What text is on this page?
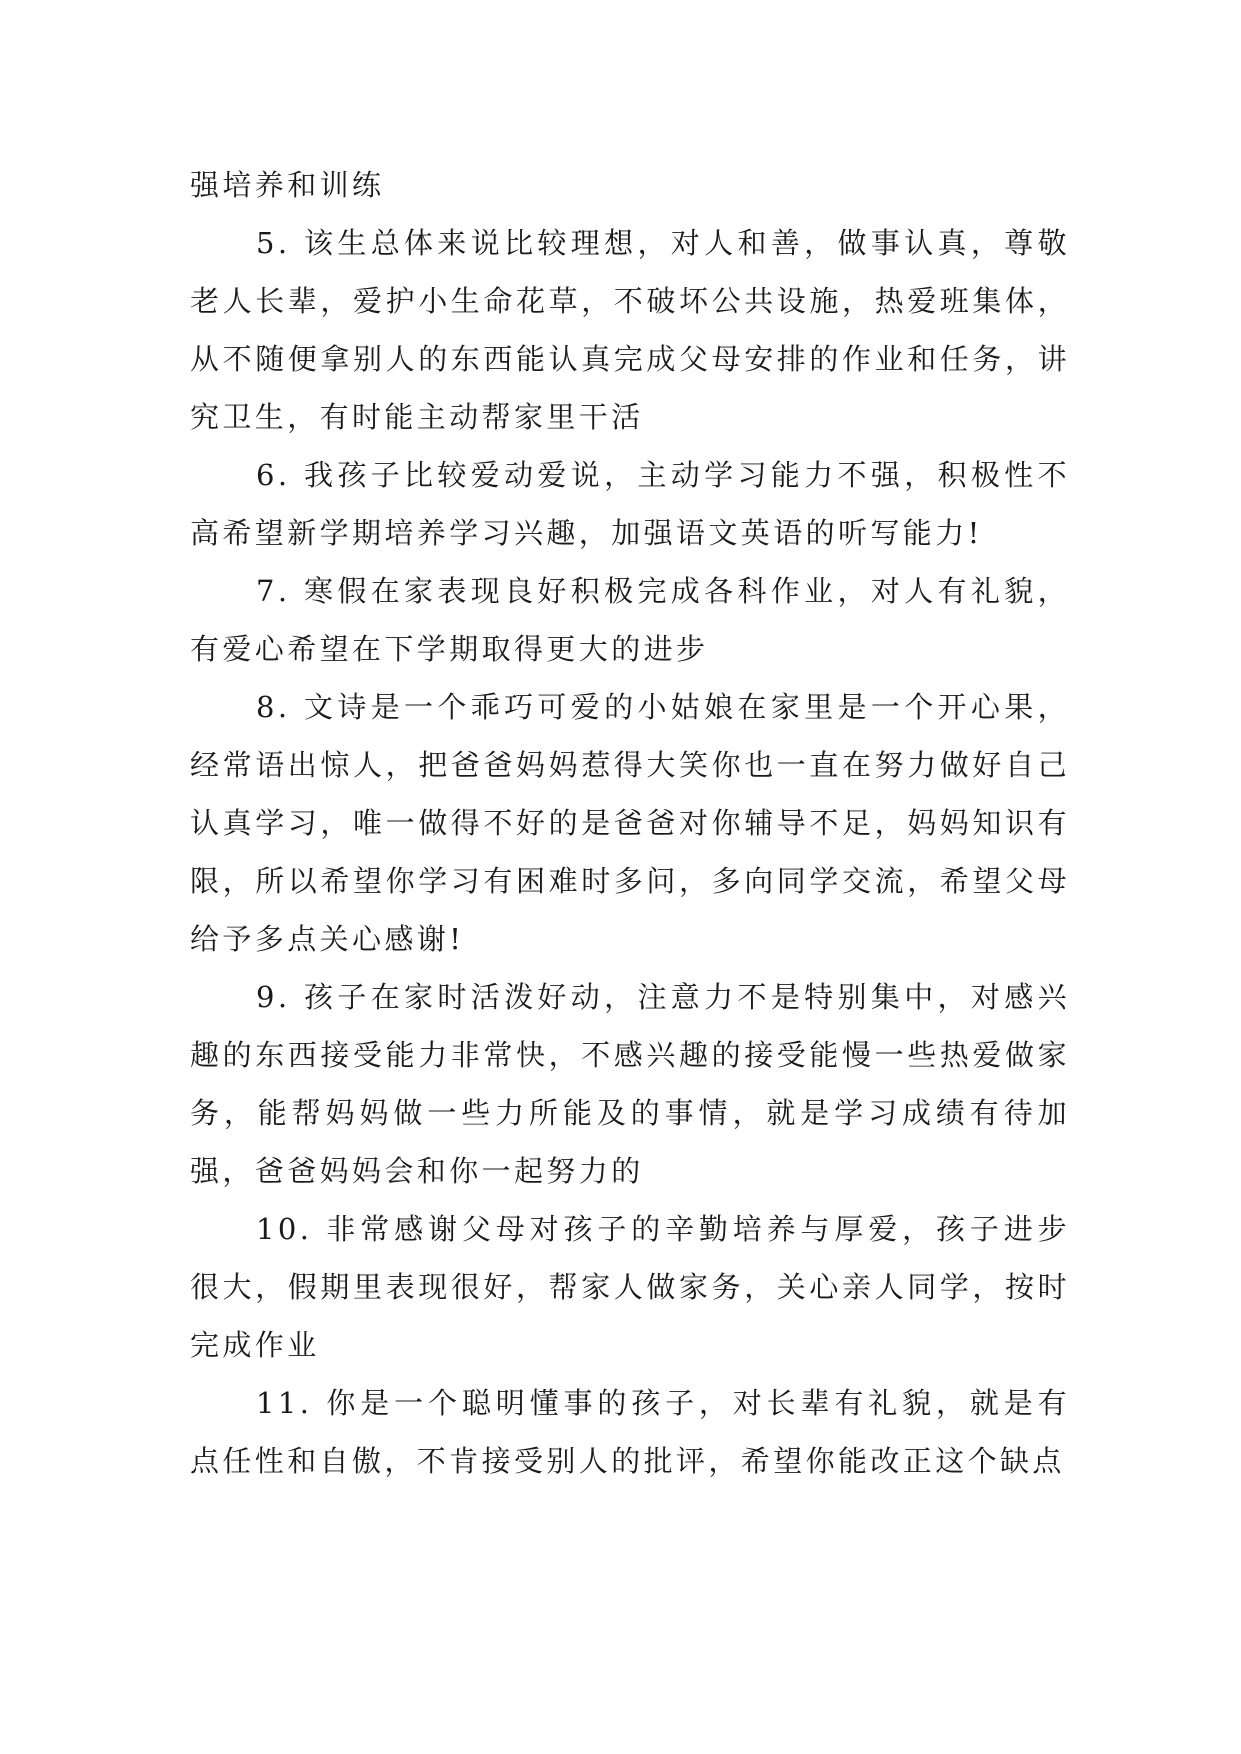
强培养和训练

5. 该生总体来说比较理想，对人和善，做事认真，尊敬老人长辈，爱护小生命花草，不破坏公共设施，热爱班集体，从不随便拿别人的东西能认真完成父母安排的作业和任务，讲究卫生，有时能主动帮家里干活

6. 我孩子比较爱动爱说，主动学习能力不强，积极性不高希望新学期培养学习兴趣，加强语文英语的听写能力!

7. 寒假在家表现良好积极完成各科作业，对人有礼貌，有爱心希望在下学期取得更大的进步

8. 文诗是一个乖巧可爱的小姑娘在家里是一个开心果，经常语出惊人，把爸爸妈妈惹得大笑你也一直在努力做好自己认真学习，唯一做得不好的是爸爸对你辅导不足，妈妈知识有限，所以希望你学习有困难时多问，多向同学交流，希望父母给予多点关心感谢!

9. 孩子在家时活泼好动，注意力不是特别集中，对感兴趣的东西接受能力非常快，不感兴趣的接受能慢一些热爱做家务，能帮妈妈做一些力所能及的事情，就是学习成绩有待加强，爸爸妈妈会和你一起努力的

10. 非常感谢父母对孩子的辛勤培养与厚爱，孩子进步很大，假期里表现很好，帮家人做家务，关心亲人同学，按时完成作业

11. 你是一个聪明懂事的孩子，对长辈有礼貌，就是有点任性和自傲，不肯接受别人的批评，希望你能改正这个缺点
